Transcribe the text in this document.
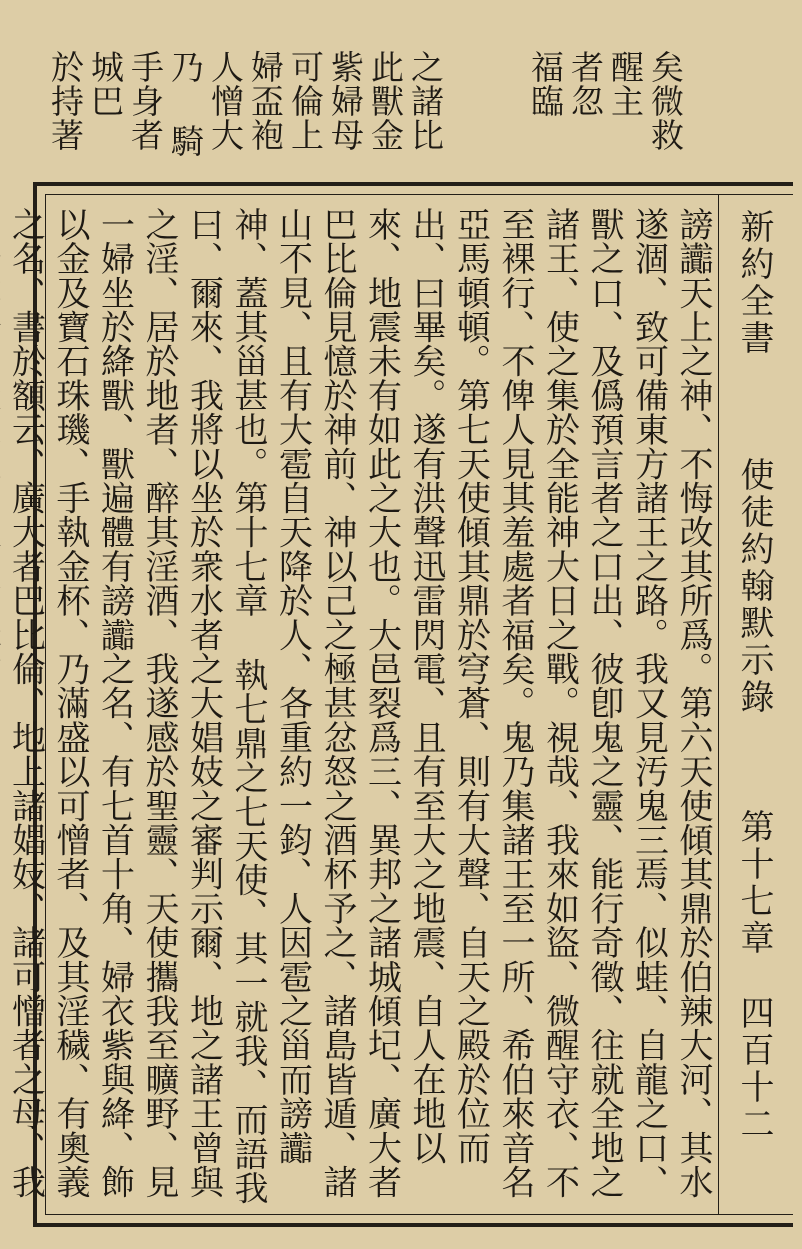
之諸比此獸金紫婦母可倫上婦盃袍人憎大乃 騎手身者城巴 於持著	矣微救 醒主 者忽 福臨
謗讟天上之神、不悔改其所爲。第六天使傾其鼎於伯辣大河、其水遂涸、致可備東方諸王之路。我又見汚鬼三焉、似蛙、自龍之口、獸之口、及僞預言者之口出、彼卽鬼之靈、能行奇徵、往就全地之諸王、使之集於全能神大日之戰。視哉、我來如盜、微醒守衣、不至裸行、不俾人見其羞處者福矣。鬼乃集諸王至一所、希伯來音名亞馬頓頓。第七天使傾其鼎於穹蒼、則有大聲、自天之殿於位而出、曰畢矣。遂有洪聲迅雷閃電、且有至大之地震、自人在地以來、地震未有如此之大也。大邑裂爲三、異邦之諸城傾圮、廣大者巴比倫見憶於神前、神以己之極甚忿怒之酒杯予之、諸島皆遁、諸山不見、且有大雹自天降於人、各重約一鈞、人因雹之甾而謗讟神、蓋其甾甚也。第十七章 執七鼎之七天使、其一就我、而語我曰、爾來、我將以坐於衆水者之大娼妓之審判示爾、地之諸王曾與之淫、居於地者、醉其淫酒、我遂感於聖靈、天使攜我至曠野、見一婦坐於絳獸、獸遍體有謗讟之名、有七首十角、婦衣紫與絳、飾以金及寶石珠璣、手執金杯、乃滿盛以可憎者、及其淫穢、有奧義之名、書於額云、廣大者巴比倫、地上諸娼妓、諸可憎者之母、我
新約全書
使徒約翰默示錄
第十七章
四百十二
